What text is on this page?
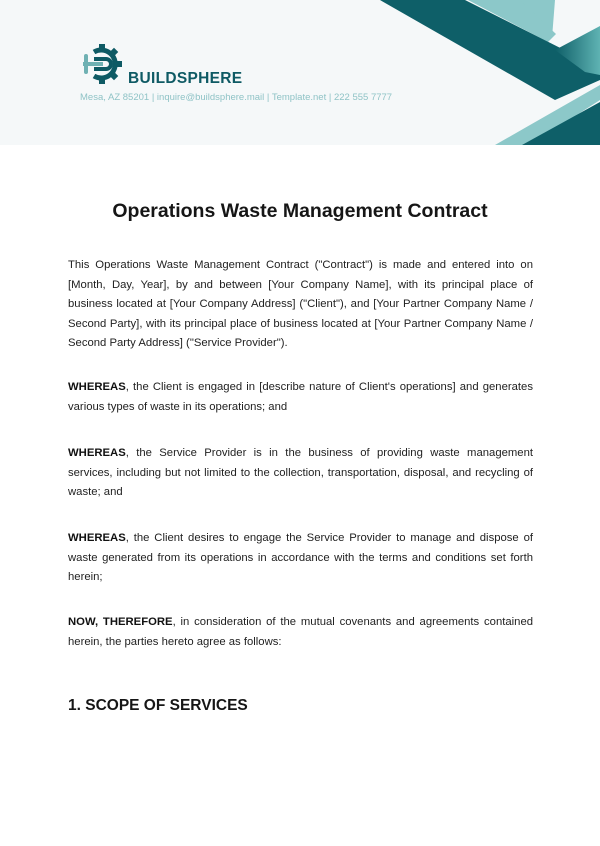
BUILDSPHERE
Mesa, AZ 85201 | inquire@buildsphere.mail | Template.net | 222 555 7777
Operations Waste Management Contract
This Operations Waste Management Contract ("Contract") is made and entered into on [Month, Day, Year], by and between [Your Company Name], with its principal place of business located at [Your Company Address] ("Client"), and [Your Partner Company Name / Second Party], with its principal place of business located at [Your Partner Company Name / Second Party Address] ("Service Provider").
WHEREAS, the Client is engaged in [describe nature of Client's operations] and generates various types of waste in its operations; and
WHEREAS, the Service Provider is in the business of providing waste management services, including but not limited to the collection, transportation, disposal, and recycling of waste; and
WHEREAS, the Client desires to engage the Service Provider to manage and dispose of waste generated from its operations in accordance with the terms and conditions set forth herein;
NOW, THEREFORE, in consideration of the mutual covenants and agreements contained herein, the parties hereto agree as follows:
1. SCOPE OF SERVICES
